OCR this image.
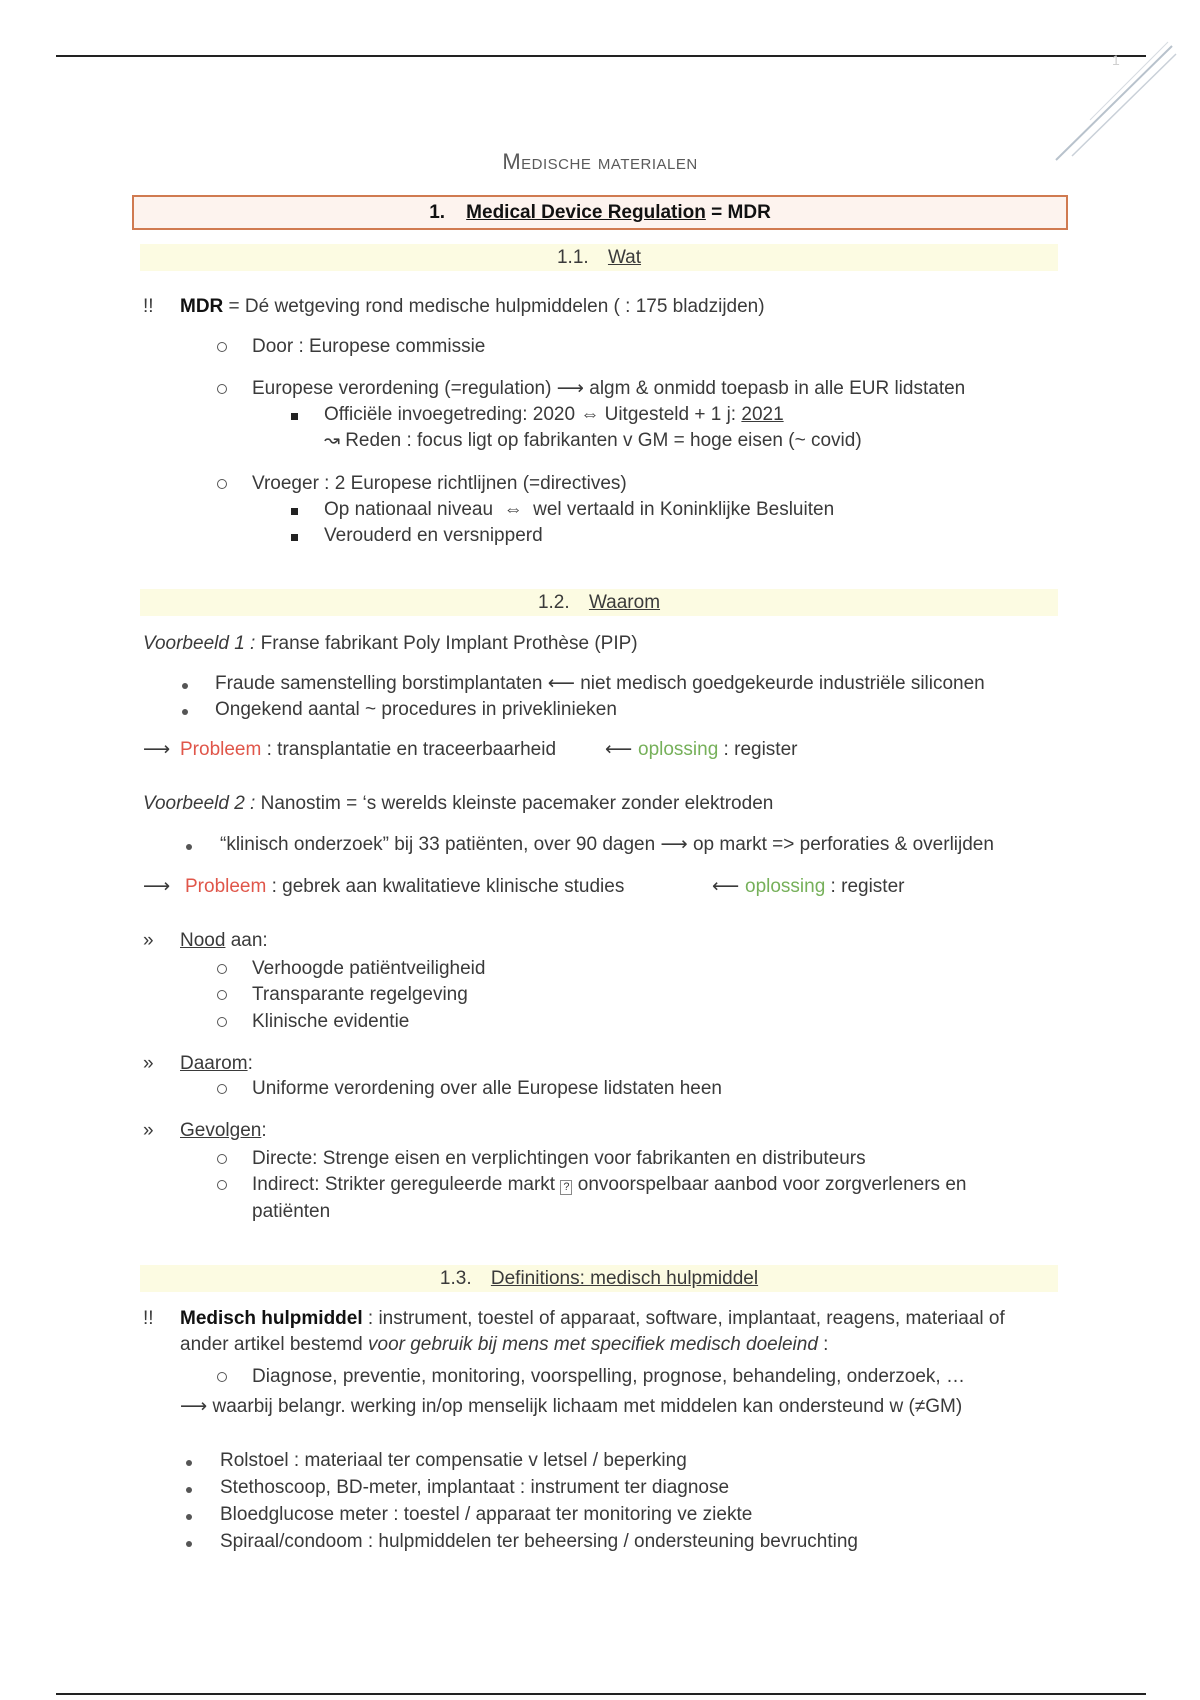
1
Medische materialen
1. Medical Device Regulation = MDR
1.1. Wat
!! MDR = Dé wetgeving rond medische hulpmiddelen ( : 175 bladzijden)
Door : Europese commissie
Europese verordening (=regulation) ⟶ algm & onmidd toepasb in alle EUR lidstaten
Officiële invoegetreding: 2020 ⇔ Uitgesteld + 1 j: 2021
↝ Reden : focus ligt op fabrikanten v GM = hoge eisen (~ covid)
Vroeger : 2 Europese richtlijnen (=directives)
Op nationaal niveau ⇔ wel vertaald in Koninklijke Besluiten
Verouderd en versnipperd
1.2. Waarom
Voorbeeld 1 : Franse fabrikant Poly Implant Prothèse (PIP)
Fraude samenstelling borstimplantaten ⟵ niet medisch goedgekeurde industriële siliconen
Ongekend aantal ~ procedures in priveklinieken
⟶ Probleem : transplantatie en traceerbaarheid	⟵ oplossing : register
Voorbeeld 2 : Nanostim = ‘s werelds kleinste pacemaker zonder elektroden
“klinisch onderzoek” bij 33 patiënten, over 90 dagen ⟶ op markt => perforaties & overlijden
⟶ Probleem : gebrek aan kwalitatieve klinische studies	⟵ oplossing : register
» Nood aan:
Verhoogde patiëntveiligheid
Transparante regelgeving
Klinische evidentie
» Daarom:
Uniforme verordening over alle Europese lidstaten heen
» Gevolgen:
Directe: Strenge eisen en verplichtingen voor fabrikanten en distributeurs
Indirect: Strikter gereguleerde markt ? onvoorspelbaar aanbod voor zorgverleners en
patiënten
1.3. Definitions: medisch hulpmiddel
!! Medisch hulpmiddel : instrument, toestel of apparaat, software, implantaat, reagens, materiaal of
ander artikel bestemd voor gebruik bij mens met specifiek medisch doeleind :
Diagnose, preventie, monitoring, voorspelling, prognose, behandeling, onderzoek, …
⟶ waarbij belangr. werking in/op menselijk lichaam met middelen kan ondersteund w (≠GM)
Rolstoel : materiaal ter compensatie v letsel / beperking
Stethoscoop, BD-meter, implantaat : instrument ter diagnose
Bloedglucose meter : toestel / apparaat ter monitoring ve ziekte
Spiraal/condoom : hulpmiddelen ter beheersing / ondersteuning bevruchting
